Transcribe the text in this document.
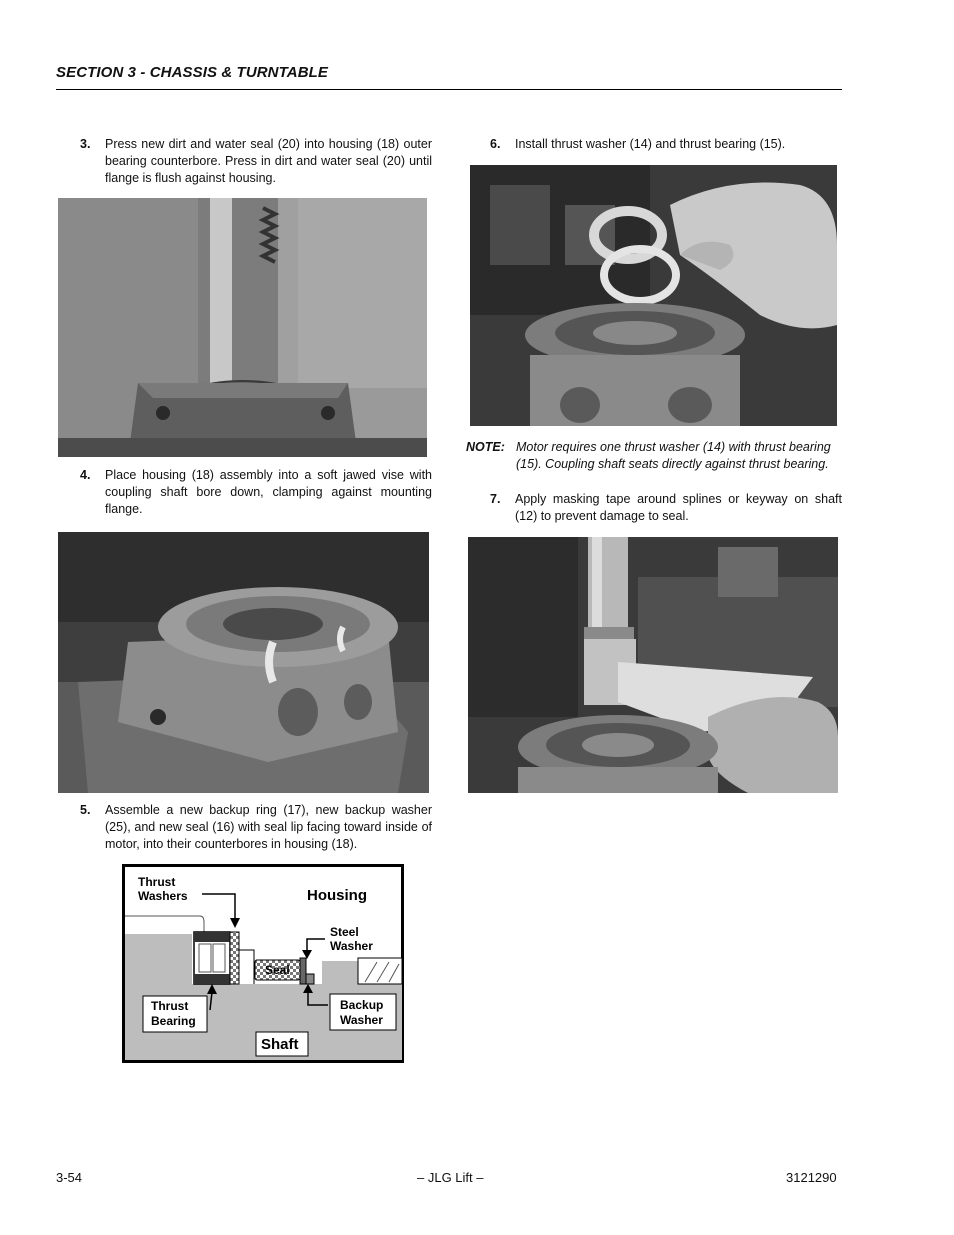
SECTION 3 - CHASSIS & TURNTABLE
3. Press new dirt and water seal (20) into housing (18) outer bearing counterbore. Press in dirt and water seal (20) until flange is flush against housing.
4. Place housing (18) assembly into a soft jawed vise with coupling shaft bore down, clamping against mounting flange.
5. Assemble a new backup ring (17), new backup washer (25), and new seal (16) with seal lip facing toward inside of motor, into their counterbores in housing (18).
Thrust
Washers	Housing
Steel
Washer
Seal
Thrust
Bearing
Backup
Washer
Shaft
6. Install thrust washer (14) and thrust bearing (15).
NOTE: Motor requires one thrust washer (14) with thrust bearing (15). Coupling shaft seats directly against thrust bearing.
7. Apply masking tape around splines or keyway on shaft (12) to prevent damage to seal.
3-54	– JLG Lift –	3121290
